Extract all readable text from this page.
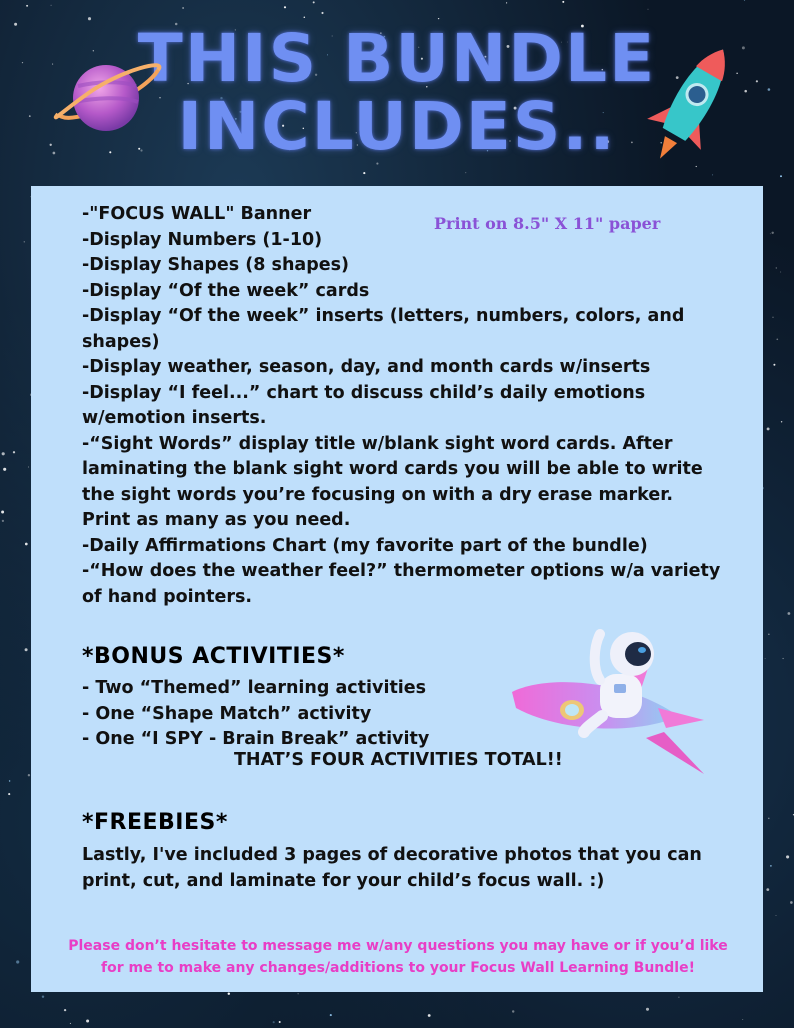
THIS BUNDLE
INCLUDES..
Print on 8.5" X 11" paper
-"FOCUS WALL" Banner
-Display Numbers (1-10)
-Display Shapes (8 shapes)
-Display “Of the week” cards
-Display “Of the week” inserts (letters, numbers, colors, and shapes)
-Display weather, season, day, and month cards w/inserts
-Display “I feel...” chart to discuss child’s daily emotions w/emotion inserts.
-“Sight Words” display title w/blank sight word cards. After laminating the blank sight word cards you will be able to write the sight words you’re focusing on with a dry erase marker. Print as many as you need.
-Daily Affirmations Chart (my favorite part of the bundle)
-“How does the weather feel?” thermometer options w/a variety of hand pointers.
*BONUS ACTIVITIES*
- Two “Themed” learning activities
- One “Shape Match” activity
- One “I SPY - Brain Break” activity
THAT’S FOUR ACTIVITIES TOTAL!!
*FREEBIES*

Lastly, I've included 3 pages of decorative photos that you can print, cut, and laminate for your child’s focus wall. :)

Please don’t hesitate to message me w/any questions you may have or if you’d like for me to make any changes/additions to your Focus Wall Learning Bundle!
